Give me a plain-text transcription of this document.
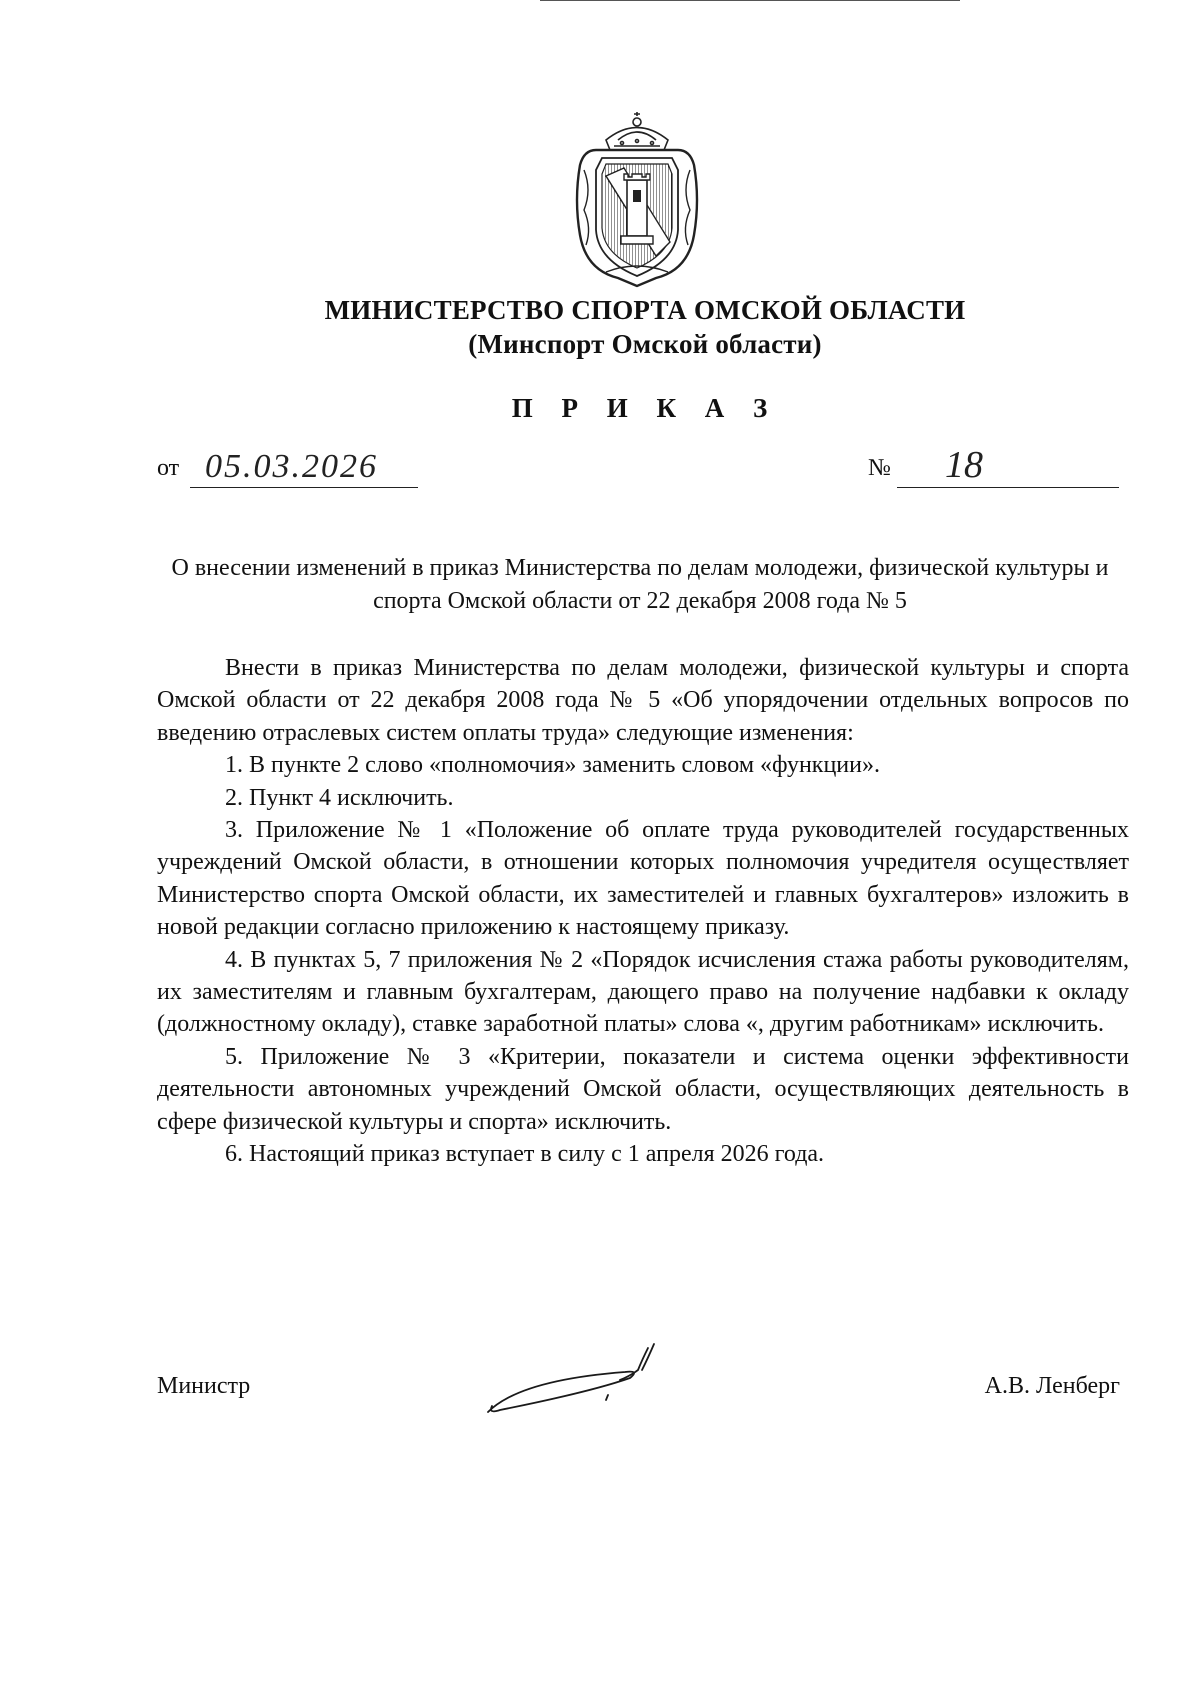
МИНИСТЕРСТВО СПОРТА ОМСКОЙ ОБЛАСТИ
(Минспорт Омской области)
П Р И К А З
от 05.03.2026	№ 18
О внесении изменений в приказ Министерства по делам молодежи, физической культуры и спорта Омской области от 22 декабря 2008 года № 5

Внести в приказ Министерства по делам молодежи, физической культуры и спорта Омской области от 22 декабря 2008 года № 5 «Об упорядочении отдельных вопросов по введению отраслевых систем оплаты труда» следующие изменения:

1. В пункте 2 слово «полномочия» заменить словом «функции».

2. Пункт 4 исключить.

3. Приложение № 1 «Положение об оплате труда руководителей государственных учреждений Омской области, в отношении которых полномочия учредителя осуществляет Министерство спорта Омской области, их заместителей и главных бухгалтеров» изложить в новой редакции согласно приложению к настоящему приказу.

4. В пунктах 5, 7 приложения № 2 «Порядок исчисления стажа работы руководителям, их заместителям и главным бухгалтерам, дающего право на получение надбавки к окладу (должностному окладу), ставке заработной платы» слова «, другим работникам» исключить.

5. Приложение № 3 «Критерии, показатели и система оценки эффективности деятельности автономных учреждений Омской области, осуществляющих деятельность в сфере физической культуры и спорта» исключить.

6. Настоящий приказ вступает в силу с 1 апреля 2026 года.

Министр	А.В. Ленберг
